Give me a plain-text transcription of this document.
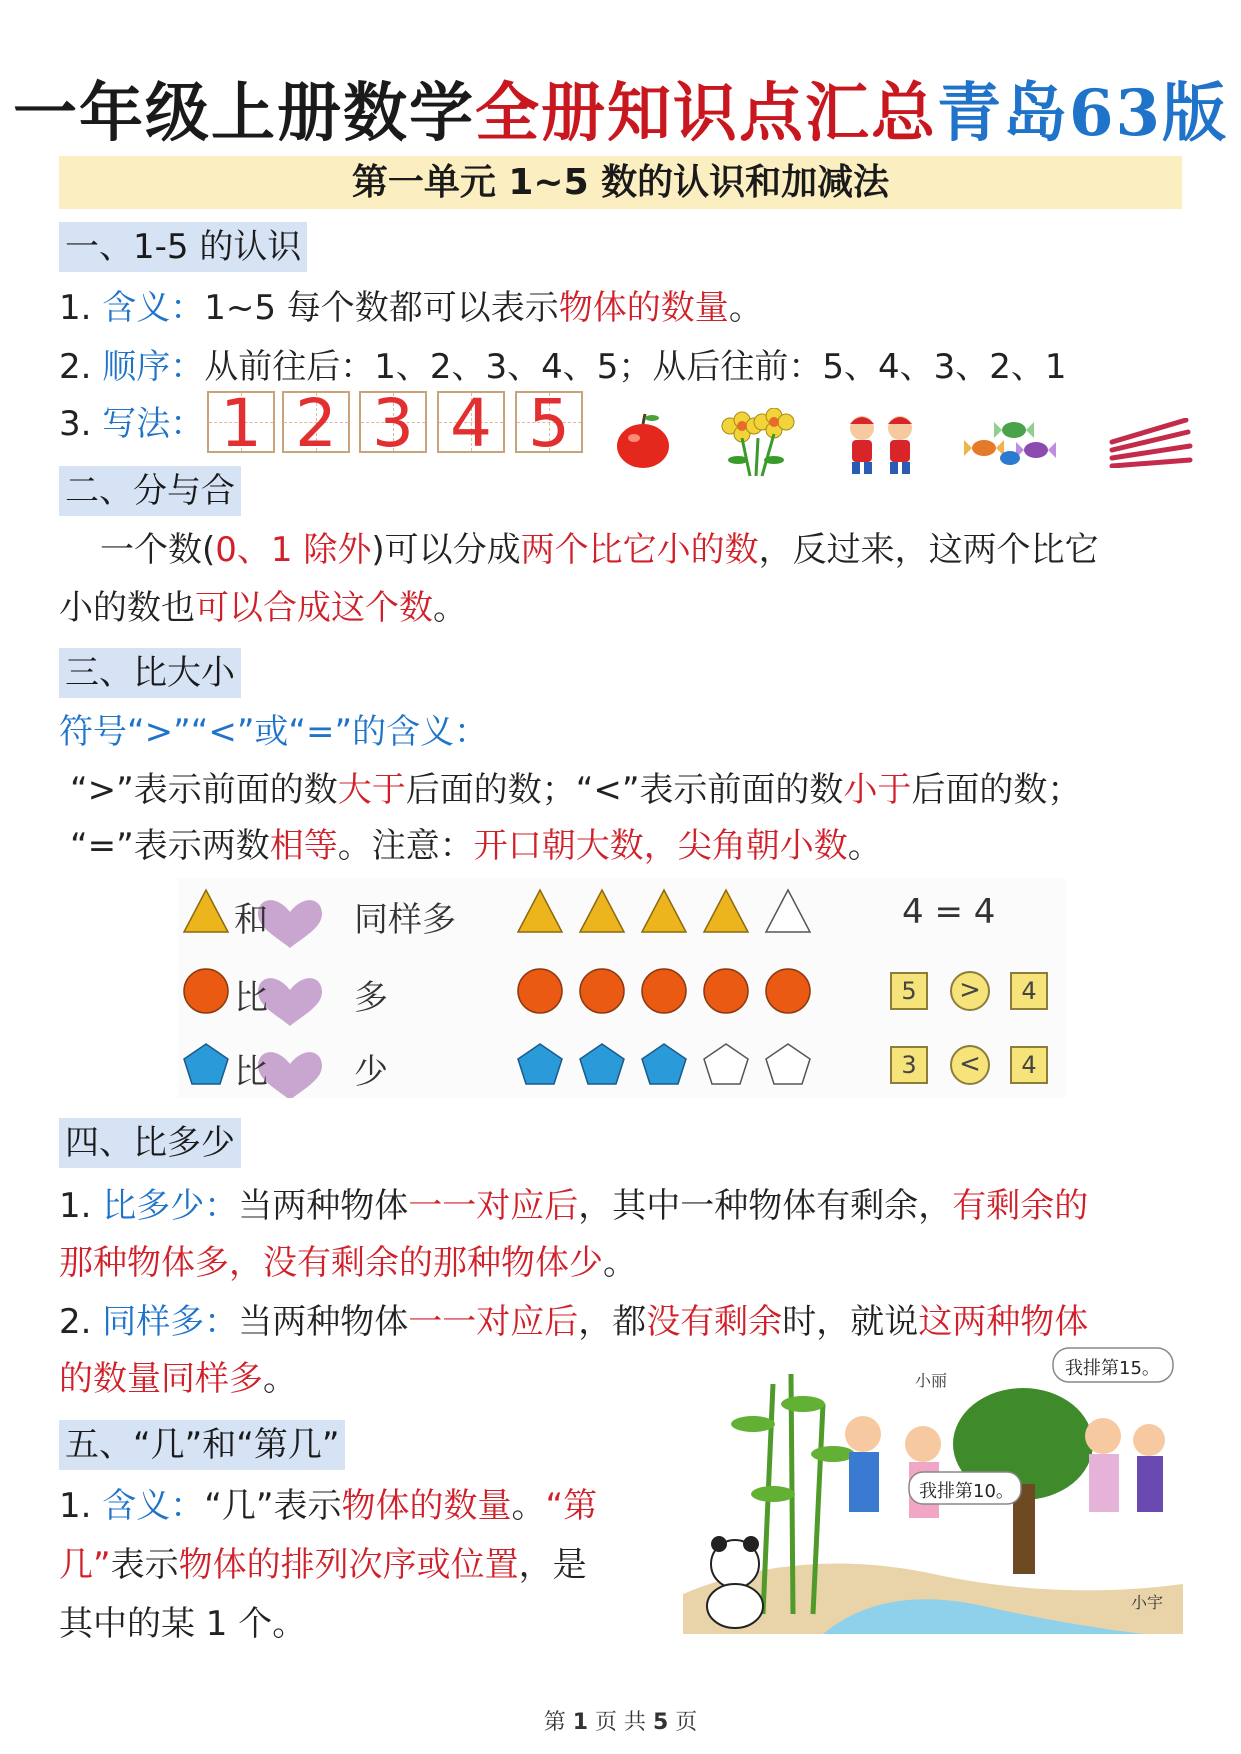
一年级上册数学全册知识点汇总青岛63版
第一单元 1~5 数的认识和加减法
一、1-5 的认识
1. 含义：1~5 每个数都可以表示物体的数量。
2. 顺序：从前往后：1、2、3、4、5；从后往前：5、4、3、2、1
3. 写法： 1 2 3 4 5
二、分与合
一个数(0、1 除外)可以分成两个比它小的数，反过来，这两个比它
小的数也可以合成这个数。
三、比大小
符号“>”“<”或“=”的含义：
“>”表示前面的数大于后面的数；“<”表示前面的数小于后面的数；
“=”表示两数相等。注意：开口朝大数，尖角朝小数。
和	同样多	4 = 4
比	多	5	>	4
比	少	3	<	4
四、比多少
1. 比多少：当两种物体一一对应后，其中一种物体有剩余，有剩余的
那种物体多，没有剩余的那种物体少。
2. 同样多：当两种物体一一对应后，都没有剩余时，就说这两种物体
的数量同样多。
五、“几”和“第几”
1. 含义：“几”表示物体的数量。“第
几”表示物体的排列次序或位置，是
其中的某 1 个。
小丽
小宇
我排第15。
我排第10。
第 1 页 共 5 页
